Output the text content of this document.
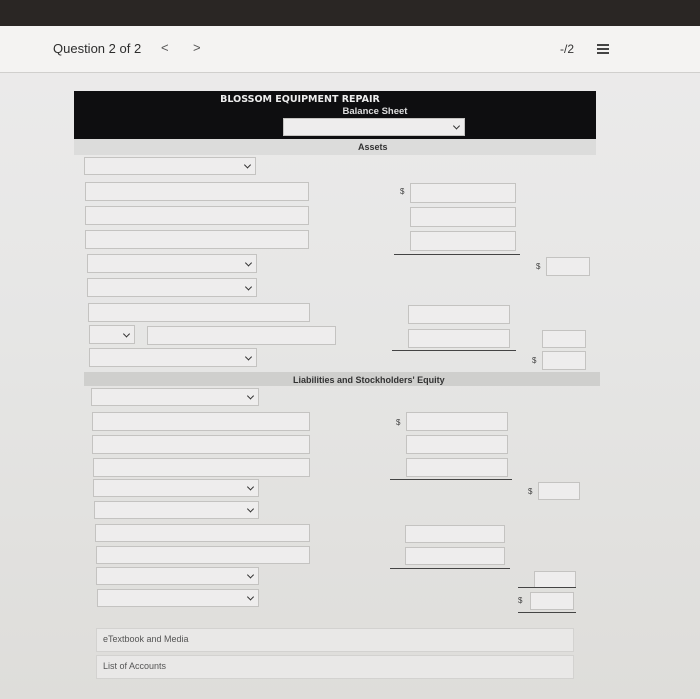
Question 2 of 2 < >	-/2
BLOSSOM EQUIPMENT REPAIR
Balance Sheet
Assets
$
$
$
Liabilities and Stockholders' Equity
$
$
$
eTextbook and Media
List of Accounts
